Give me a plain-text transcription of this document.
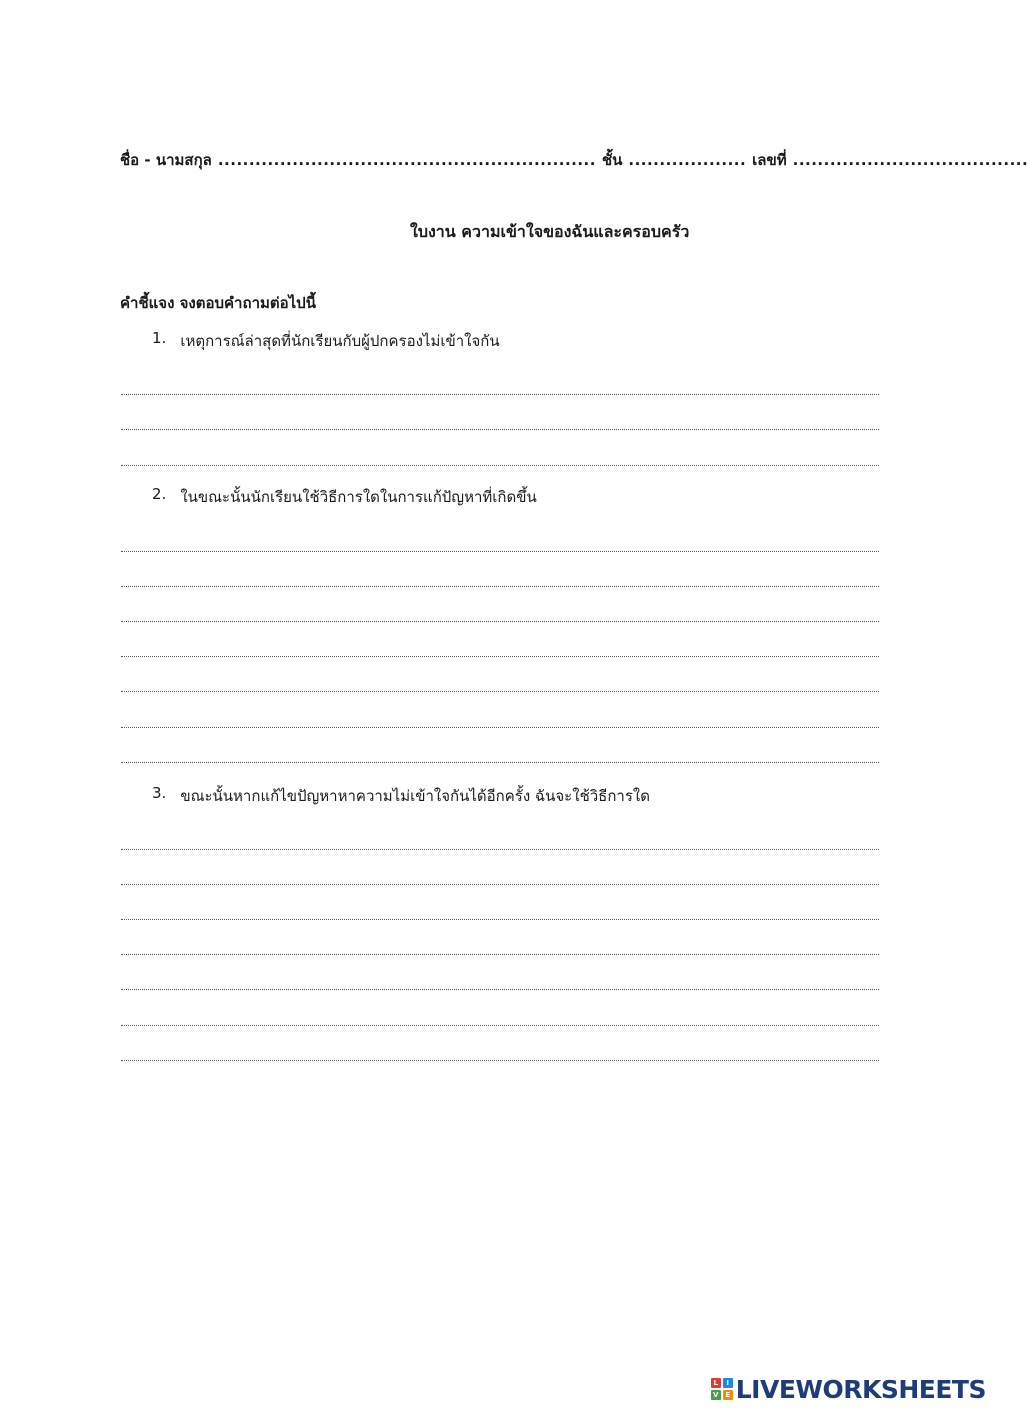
ชื่อ - นามสกุล ............................................................. ชั้น ................... เลขที่ ......................................
ใบงาน ความเข้าใจของฉันและครอบครัว
คำชี้แจง จงตอบคำถามต่อไปนี้
1. เหตุการณ์ล่าสุดที่นักเรียนกับผู้ปกครองไม่เข้าใจกัน
2. ในขณะนั้นนักเรียนใช้วิธีการใดในการแก้ปัญหาที่เกิดขึ้น
3. ขณะนั้นหากแก้ไขปัญหาหาความไม่เข้าใจกันได้อีกครั้ง ฉันจะใช้วิธีการใด
L	I
V E LIVEWORKSHEETS
